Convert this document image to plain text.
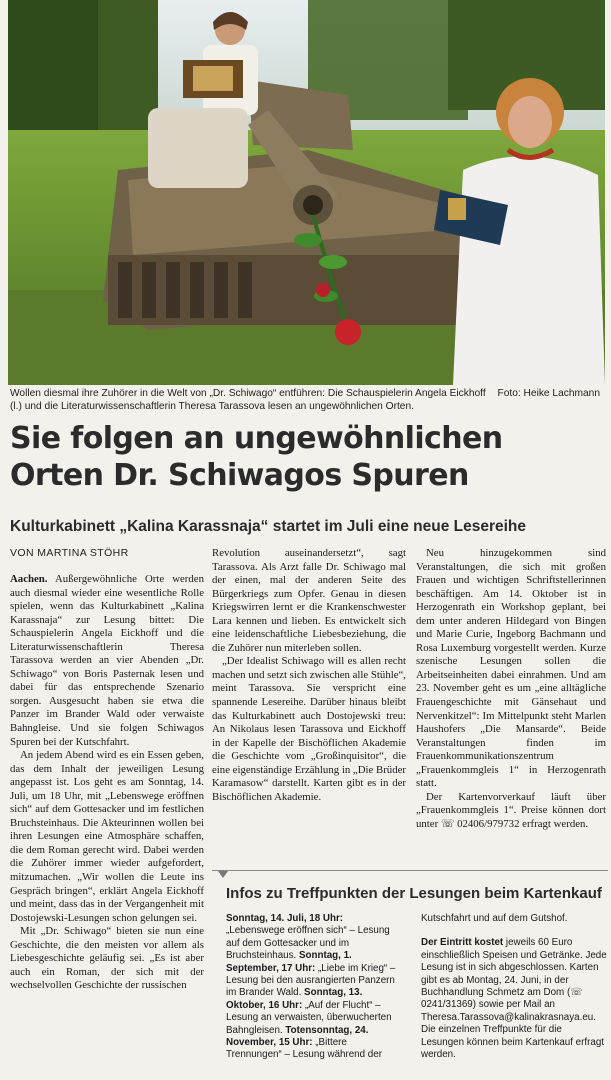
Foto: Heike Lachmann
Wollen diesmal ihre Zuhörer in die Welt von „Dr. Schiwago“ entführen: Die Schauspielerin Angela Eickhoff (l.) und die Literaturwissenschaftlerin Theresa Tarassova lesen an ungewöhnlichen Orten.
Sie folgen an ungewöhnlichen
Orten Dr. Schiwagos Spuren
Kulturkabinett „Kalina Karassnaja“ startet im Juli eine neue Lesereihe
VON MARTINA STÖHR

Aachen. Außergewöhnliche Orte werden auch diesmal wieder eine wesentliche Rolle spielen, wenn das Kulturkabinett „Kalina Karassnaja“ zur Lesung bittet: Die Schauspielerin Angela Eickhoff und die Literaturwissenschaftlerin Theresa Tarassova werden an vier Abenden „Dr. Schiwago“ von Boris Pasternak lesen und dabei für das entsprechende Szenario sorgen. Ausgesucht haben sie etwa die Panzer im Brander Wald oder verwaiste Bahngleise. Und sie folgen Schiwagos Spuren bei der Kutschfahrt.

An jedem Abend wird es ein Essen geben, das dem Inhalt der jeweiligen Lesung angepasst ist. Los geht es am Sonntag, 14. Juli, um 18 Uhr, mit „Lebenswege eröffnen sich“ auf dem Gottesacker und im festlichen Bruchsteinhaus. Die Akteurinnen wollen bei ihren Lesungen eine Atmosphäre schaffen, die dem Roman gerecht wird. Dabei werden die Zuhörer immer wieder aufgefordert, mitzumachen. „Wir wollen die Leute ins Gespräch bringen“, erklärt Angela Eickhoff und meint, dass das in der Vergangenheit mit Dostojewski-Lesungen schon gelungen sei.

Mit „Dr. Schiwago“ bieten sie nun eine Geschichte, die den meisten vor allem als Liebesgeschichte geläufig sei. „Es ist aber auch ein Roman, der sich mit der wechselvollen Geschichte der russischen

Revolution auseinandersetzt“, sagt Tarassova. Als Arzt falle Dr. Schiwago mal der einen, mal der anderen Seite des Bürgerkriegs zum Opfer. Genau in diesen Kriegswirren lernt er die Krankenschwester Lara kennen und lieben. Es entwickelt sich eine leidenschaftliche Liebesbeziehung, die die Zuhörer nun miterleben sollen.

„Der Idealist Schiwago will es allen recht machen und setzt sich zwischen alle Stühle“, meint Tarassova. Sie verspricht eine spannende Lesereihe. Darüber hinaus bleibt das Kulturkabinett auch Dostojewski treu: An Nikolaus lesen Tarassova und Eickhoff in der Kapelle der Bischöflichen Akademie die Geschichte vom „Großinquisitor“, die eine eigenständige Erzählung in „Die Brüder Karamasow“ darstellt. Karten gibt es in der Bischöflichen Akademie.

Neu hinzugekommen sind Veranstaltungen, die sich mit großen Frauen und wichtigen Schriftstellerinnen beschäftigen. Am 14. Oktober ist in Herzogenrath ein Workshop geplant, bei dem unter anderen Hildegard von Bingen und Marie Curie, Ingeborg Bachmann und Rosa Luxemburg vorgestellt werden. Kurze szenische Lesungen sollen die Arbeitseinheiten dabei einrahmen. Und am 23. November geht es um „eine alltägliche Frauengeschichte mit Gänsehaut und Nervenkitzel“: Im Mittelpunkt steht Marlen Haushofers „Die Mansarde“. Beide Veranstaltungen finden im Frauenkommunikationszentrum „Frauenkommgleis 1“ in Herzogenrath statt.

Der Kartenvorverkauf läuft über „Frauenkommgleis 1“. Preise können dort unter ☏ 02406/979732 erfragt werden.

Infos zu Treffpunkten der Lesungen beim Kartenkauf

Sonntag, 14. Juli, 18 Uhr: „Lebenswege eröffnen sich“ – Lesung auf dem Gottesacker und im Bruchsteinhaus. Sonntag, 1. September, 17 Uhr: „Liebe im Krieg“ – Lesung bei den ausrangierten Panzern im Brander Wald. Sonntag, 13. Oktober, 16 Uhr: „Auf der Flucht“ – Lesung an verwaisten, überwucherten Bahngleisen. Totensonntag, 24. November, 15 Uhr: „Bittere Trennungen“ – Lesung während der

Kutschfahrt und auf dem Gutshof.

Der Eintritt kostet jeweils 60 Euro einschließlich Speisen und Getränke. Jede Lesung ist in sich abgeschlossen. Karten gibt es ab Montag, 24. Juni, in der Buchhandlung Schmetz am Dom (☏ 0241/31369) sowie per Mail an Theresa.Tarassova@kalinakrasnaya.eu. Die einzelnen Treffpunkte für die Lesungen können beim Kartenkauf erfragt werden.
